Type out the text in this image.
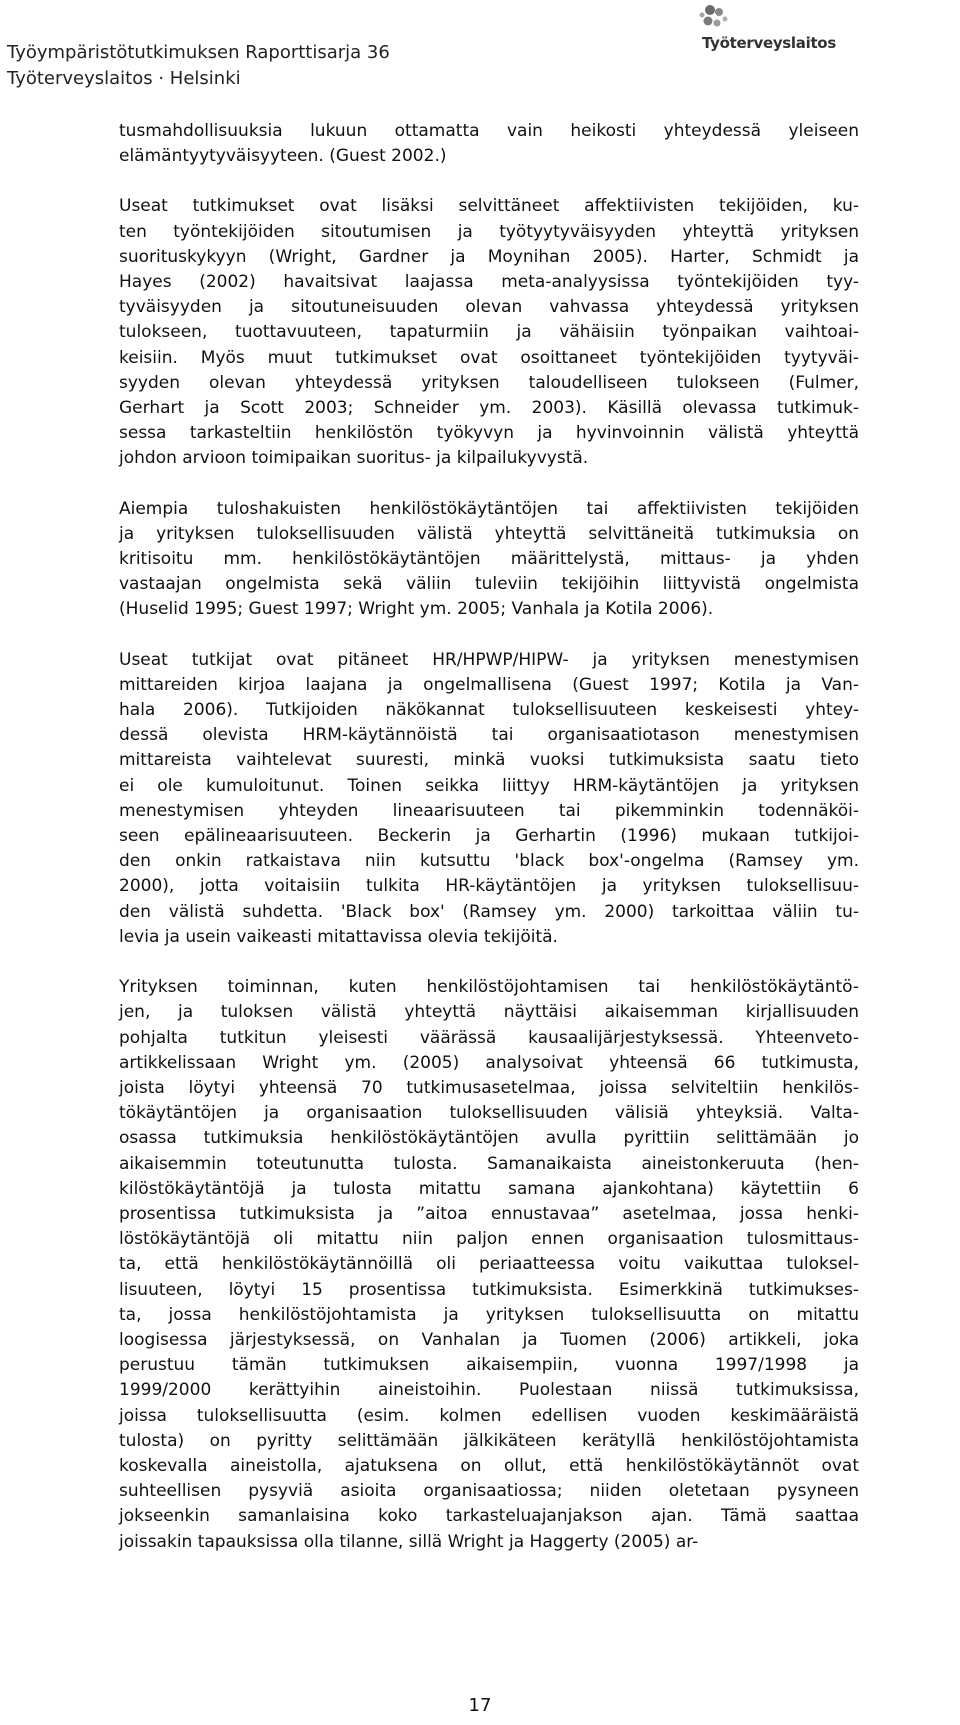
Työympäristötutkimuksen Raporttisarja 36
Työterveyslaitos · Helsinki
Työterveyslaitos
tusmahdollisuuksia lukuun ottamatta vain heikosti yhteydessä yleiseen
elämäntyytyväisyyteen. (Guest 2002.)
Useat tutkimukset ovat lisäksi selvittäneet affektiivisten tekijöiden, ku-
ten työntekijöiden sitoutumisen ja työtyytyväisyyden yhteyttä yrityksen
suorituskykyyn (Wright, Gardner ja Moynihan 2005). Harter, Schmidt ja
Hayes (2002) havaitsivat laajassa meta-analyysissa työntekijöiden tyy-
tyväisyyden ja sitoutuneisuuden olevan vahvassa yhteydessä yrityksen
tulokseen, tuottavuuteen, tapaturmiin ja vähäisiin työnpaikan vaihtoai-
keisiin. Myös muut tutkimukset ovat osoittaneet työntekijöiden tyytyväi-
syyden olevan yhteydessä yrityksen taloudelliseen tulokseen (Fulmer,
Gerhart ja Scott 2003; Schneider ym. 2003). Käsillä olevassa tutkimuk-
sessa tarkasteltiin henkilöstön työkyvyn ja hyvinvoinnin välistä yhteyttä
johdon arvioon toimipaikan suoritus- ja kilpailukyvystä.
Aiempia tuloshakuisten henkilöstökäytäntöjen tai affektiivisten tekijöiden
ja yrityksen tuloksellisuuden välistä yhteyttä selvittäneitä tutkimuksia on
kritisoitu mm. henkilöstökäytäntöjen määrittelystä, mittaus- ja yhden
vastaajan ongelmista sekä väliin tuleviin tekijöihin liittyvistä ongelmista
(Huselid 1995; Guest 1997; Wright ym. 2005; Vanhala ja Kotila 2006).
Useat tutkijat ovat pitäneet HR/HPWP/HIPW- ja yrityksen menestymisen
mittareiden kirjoa laajana ja ongelmallisena (Guest 1997; Kotila ja Van-
hala 2006). Tutkijoiden näkökannat tuloksellisuuteen keskeisesti yhtey-
dessä olevista HRM-käytännöistä tai organisaatiotason menestymisen
mittareista vaihtelevat suuresti, minkä vuoksi tutkimuksista saatu tieto
ei ole kumuloitunut. Toinen seikka liittyy HRM-käytäntöjen ja yrityksen
menestymisen yhteyden lineaarisuuteen tai pikemminkin todennäköi-
seen epälineaarisuuteen. Beckerin ja Gerhartin (1996) mukaan tutkijoi-
den onkin ratkaistava niin kutsuttu 'black box'-ongelma (Ramsey ym.
2000), jotta voitaisiin tulkita HR-käytäntöjen ja yrityksen tuloksellisuu-
den välistä suhdetta. 'Black box' (Ramsey ym. 2000) tarkoittaa väliin tu-
levia ja usein vaikeasti mitattavissa olevia tekijöitä.
Yrityksen toiminnan, kuten henkilöstöjohtamisen tai henkilöstökäytäntö-
jen, ja tuloksen välistä yhteyttä näyttäisi aikaisemman kirjallisuuden
pohjalta tutkitun yleisesti väärässä kausaalijärjestyksessä. Yhteenveto-
artikkelissaan Wright ym. (2005) analysoivat yhteensä 66 tutkimusta,
joista löytyi yhteensä 70 tutkimusasetelmaa, joissa selviteltiin henkilös-
tökäytäntöjen ja organisaation tuloksellisuuden välisiä yhteyksiä. Valta-
osassa tutkimuksia henkilöstökäytäntöjen avulla pyrittiin selittämään jo
aikaisemmin toteutunutta tulosta. Samanaikaista aineistonkeruuta (hen-
kilöstökäytäntöjä ja tulosta mitattu samana ajankohtana) käytettiin 6
prosentissa tutkimuksista ja ”aitoa ennustavaa” asetelmaa, jossa henki-
löstökäytäntöjä oli mitattu niin paljon ennen organisaation tulosmittaus-
ta, että henkilöstökäytännöillä oli periaatteessa voitu vaikuttaa tuloksel-
lisuuteen, löytyi 15 prosentissa tutkimuksista. Esimerkkinä tutkimukses-
ta, jossa henkilöstöjohtamista ja yrityksen tuloksellisuutta on mitattu
loogisessa järjestyksessä, on Vanhalan ja Tuomen (2006) artikkeli, joka
perustuu tämän tutkimuksen aikaisempiin, vuonna 1997/1998 ja
1999/2000 kerättyihin aineistoihin. Puolestaan niissä tutkimuksissa,
joissa tuloksellisuutta (esim. kolmen edellisen vuoden keskimääräistä
tulosta) on pyritty selittämään jälkikäteen kerätyllä henkilöstöjohtamista
koskevalla aineistolla, ajatuksena on ollut, että henkilöstökäytännöt ovat
suhteellisen pysyviä asioita organisaatiossa; niiden oletetaan pysyneen
jokseenkin samanlaisina koko tarkasteluajanjakson ajan. Tämä saattaa
joissakin tapauksissa olla tilanne, sillä Wright ja Haggerty (2005) ar-
17
